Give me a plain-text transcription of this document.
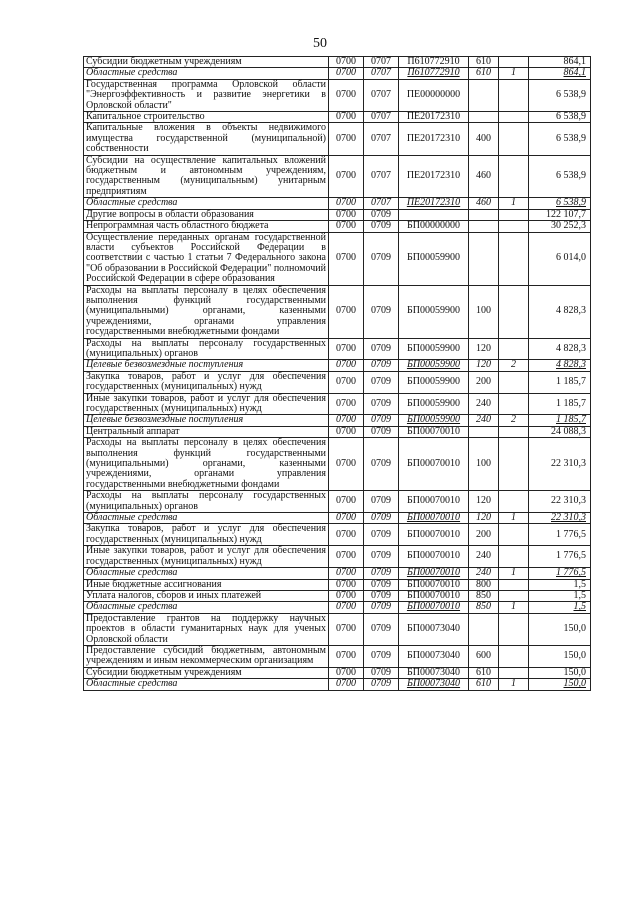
50
Субсидии бюджетным учреждениям	0700	0707	П610772910	610		864,1
Областные средства	0700	0707	П610772910	610	1	864,1
Государственная программа Орловской области "Энергоэффективность и развитие энергетики в Орловской области"	0700	0707	ПЕ00000000			6 538,9
Капитальное строительство	0700	0707	ПЕ20172310			6 538,9
Капитальные вложения в объекты недвижимого имущества государственной (муниципальной) собственности	0700	0707	ПЕ20172310	400		6 538,9
Субсидии на осуществление капитальных вложений бюджетным и автономным учреждениям, государственным (муниципальным) унитарным предприятиям	0700	0707	ПЕ20172310	460		6 538,9
Областные средства	0700	0707	ПЕ20172310	460	1	6 538,9
Другие вопросы в области образования	0700	0709				122 107,7
Непрограммная часть областного бюджета	0700	0709	БП00000000			30 252,3
Осуществление переданных органам государственной власти субъектов Российской Федерации в соответствии с частью 1 статьи 7 Федерального закона "Об образовании в Российской Федерации" полномочий Российской Федерации в сфере образования	0700	0709	БП00059900			6 014,0
Расходы на выплаты персоналу в целях обеспечения выполнения функций государственными (муниципальными) органами, казенными учреждениями, органами управления государственными внебюджетными фондами	0700	0709	БП00059900	100		4 828,3
Расходы на выплаты персоналу государственных (муниципальных) органов	0700	0709	БП00059900	120		4 828,3
Целевые безвозмездные поступления	0700	0709	БП00059900	120	2	4 828,3
Закупка товаров, работ и услуг для обеспечения государственных (муниципальных) нужд	0700	0709	БП00059900	200		1 185,7
Иные закупки товаров, работ и услуг для обеспечения государственных (муниципальных) нужд	0700	0709	БП00059900	240		1 185,7
Целевые безвозмездные поступления	0700	0709	БП00059900	240	2	1 185,7
Центральный аппарат	0700	0709	БП00070010			24 088,3
Расходы на выплаты персоналу в целях обеспечения выполнения функций государственными (муниципальными) органами, казенными учреждениями, органами управления государственными внебюджетными фондами	0700	0709	БП00070010	100		22 310,3
Расходы на выплаты персоналу государственных (муниципальных) органов	0700	0709	БП00070010	120		22 310,3
Областные средства	0700	0709	БП00070010	120	1	22 310,3
Закупка товаров, работ и услуг для обеспечения государственных (муниципальных) нужд	0700	0709	БП00070010	200		1 776,5
Иные закупки товаров, работ и услуг для обеспечения государственных (муниципальных) нужд	0700	0709	БП00070010	240		1 776,5
Областные средства	0700	0709	БП00070010	240	1	1 776,5
Иные бюджетные ассигнования	0700	0709	БП00070010	800		1,5
Уплата налогов, сборов и иных платежей	0700	0709	БП00070010	850		1,5
Областные средства	0700	0709	БП00070010	850	1	1,5
Предоставление грантов на поддержку научных проектов в области гуманитарных наук для ученых Орловской области	0700	0709	БП00073040			150,0
Предоставление субсидий бюджетным, автономным учреждениям и иным некоммерческим организациям	0700	0709	БП00073040	600		150,0
Субсидии бюджетным учреждениям	0700	0709	БП00073040	610		150,0
Областные средства	0700	0709	БП00073040	610	1	150,0
